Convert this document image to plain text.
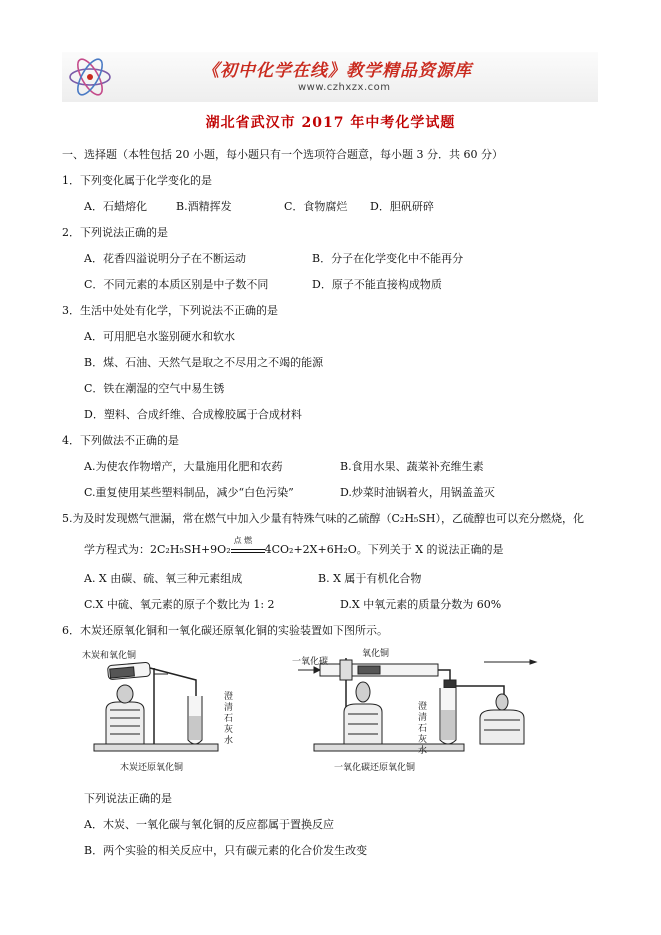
《初中化学在线》教学精品资源库
www.czhxzx.com
湖北省武汉市 2017 年中考化学试题
一、选择题（本牲包括 20 小题，每小题只有一个选项符合题意，每小题 3 分．共 60 分）
1．下列变化属于化学变化的是
A．石蜡熔化	B.酒精挥发	C．食物腐烂 D．胆矾研碎
2．下列说法正确的是
A．花香四溢说明分子在不断运动	B．分子在化学变化中不能再分
C．不同元素的本质区别是中子数不同	D．原子不能直接构成物质
3．生活中处处有化学，下列说法不正确的是
A．可用肥皂水鉴别硬水和软水
B．煤、石油、天然气是取之不尽用之不竭的能源
C．铁在潮湿的空气中易生锈
D．塑料、合成纤维、合成橡胶属于合成材料
4．下列做法不正确的是
A.为使农作物增产，大量施用化肥和农药	B.食用水果、蔬菜补充维生素
C.重复使用某些塑料制品，减少“白色污染”	D.炒菜时油锅着火，用锅盖盖灭
5.为及时发现燃气泄漏，常在燃气中加入少量有特殊气味的乙硫醇（C₂H₅SH），乙硫醇也可以充分燃烧，化
学方程式为：2C₂H₅SH+9O₂
点 燃
4CO₂+2X+6H₂O。下列关于 X 的说法正确的是
A. X 由碳、硫、氧三种元素组成	B. X 属于有机化合物
C.X 中硫、氧元素的原子个数比为 1: 2	D.X 中氧元素的质量分数为 60%
6．木炭还原氧化铜和一氧化碳还原氧化铜的实验装置如下图所示。
木炭和氧化铜
澄
清
石
灰
水
木炭还原氧化铜
一氧化碳
氧化铜
澄
清
石
灰
水
一氧化碳还原氧化铜
下列说法正确的是
A．木炭、一氧化碳与氧化铜的反应都属于置换反应
B．两个实验的相关反应中，只有碳元素的化合价发生改变
